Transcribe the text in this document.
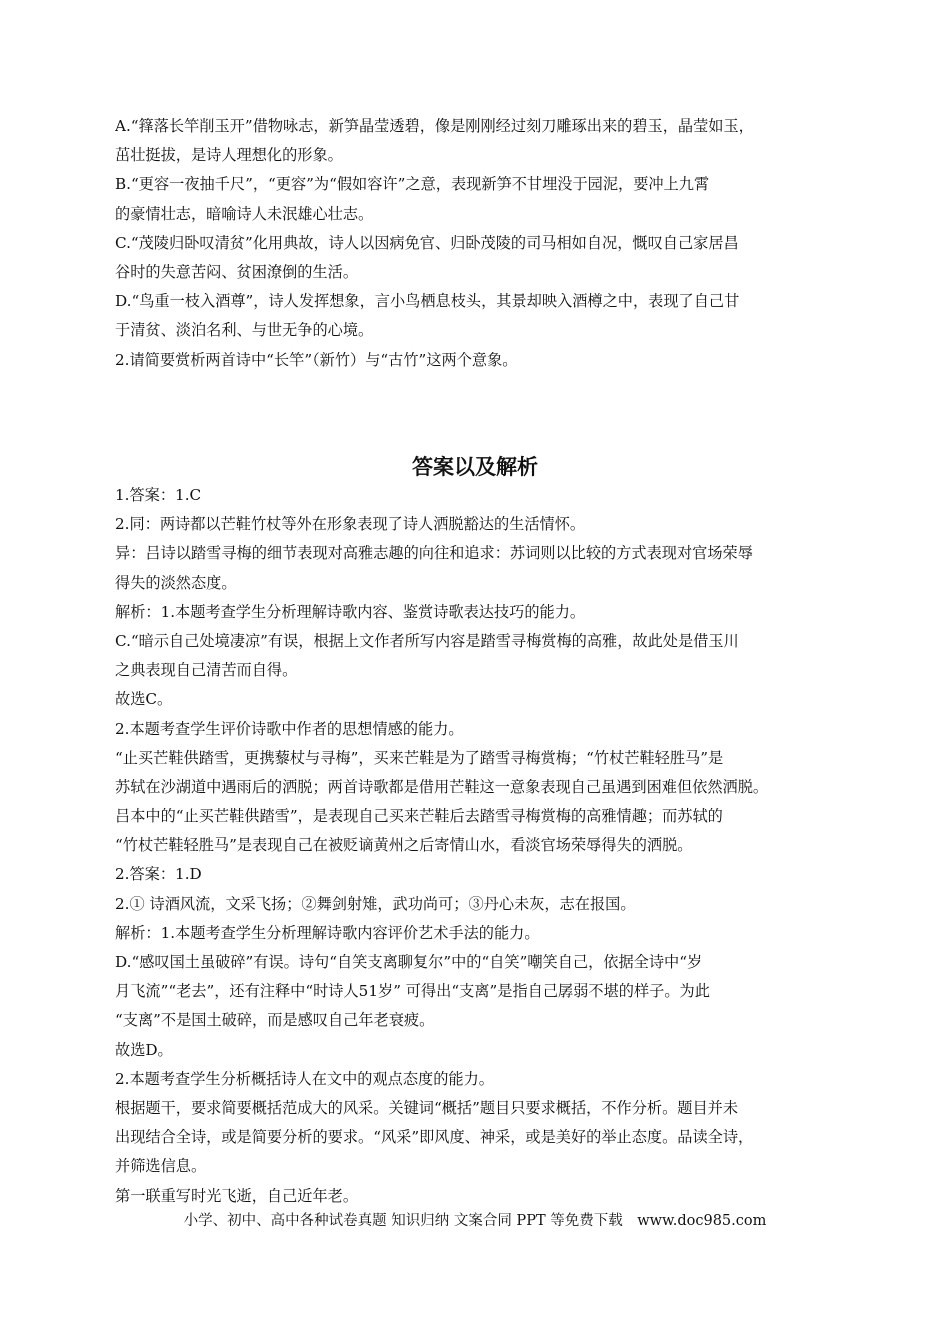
A.“箨落长竿削玉开”借物咏志，新笋晶莹透碧，像是刚刚经过刻刀雕琢出来的碧玉，晶莹如玉，

茁壮挺拔，是诗人理想化的形象。

B.“更容一夜抽千尺”，“更容”为“假如容许”之意，表现新笋不甘埋没于园泥，要冲上九霄

的豪情壮志，暗喻诗人未泯雄心壮志。

C.“茂陵归卧叹清贫”化用典故，诗人以因病免官、归卧茂陵的司马相如自况，慨叹自己家居昌

谷时的失意苦闷、贫困潦倒的生活。

D.“鸟重一枝入酒尊”，诗人发挥想象，言小鸟栖息枝头，其景却映入酒樽之中，表现了自己甘

于清贫、淡泊名利、与世无争的心境。

2.请简要赏析两首诗中“长竿”（新竹）与“古竹”这两个意象。

答案以及解析

1.答案：1.C

2.同：两诗都以芒鞋竹杖等外在形象表现了诗人洒脱豁达的生活情怀。

异：吕诗以踏雪寻梅的细节表现对高雅志趣的向往和追求：苏词则以比较的方式表现对官场荣辱

得失的淡然态度。

解析：1.本题考查学生分析理解诗歌内容、鉴赏诗歌表达技巧的能力。

C.“暗示自己处境凄凉”有误，根据上文作者所写内容是踏雪寻梅赏梅的高雅，故此处是借玉川

之典表现自己清苦而自得。

故选C。

2.本题考查学生评价诗歌中作者的思想情感的能力。

“止买芒鞋供踏雪，更携藜杖与寻梅”，买来芒鞋是为了踏雪寻梅赏梅；“竹杖芒鞋轻胜马”是

苏轼在沙湖道中遇雨后的洒脱；两首诗歌都是借用芒鞋这一意象表现自己虽遇到困难但依然洒脱。

吕本中的“止买芒鞋供踏雪”，是表现自己买来芒鞋后去踏雪寻梅赏梅的高雅情趣；而苏轼的

“竹杖芒鞋轻胜马”是表现自己在被贬谪黄州之后寄情山水，看淡官场荣辱得失的洒脱。

2.答案：1.D

2.① 诗酒风流，文采飞扬；②舞剑射雉，武功尚可；③丹心未灰，志在报国。

解析：1.本题考查学生分析理解诗歌内容评价艺术手法的能力。

D.“感叹国土虽破碎”有误。诗句“自笑支离聊复尔”中的“自笑”嘲笑自己，依据全诗中“岁

月飞流”“老去”，还有注释中“时诗人51岁” 可得出“支离”是指自己孱弱不堪的样子。为此

“支离”不是国土破碎，而是感叹自己年老衰疲。

故选D。

2.本题考查学生分析概括诗人在文中的观点态度的能力。

根据题干，要求简要概括范成大的风采。关键词“概括”题目只要求概括，不作分析。题目并未

出现结合全诗，或是简要分析的要求。“风采”即风度、神采，或是美好的举止态度。品读全诗，

并筛选信息。

第一联重写时光飞逝，自己近年老。

小学、初中、高中各种试卷真题 知识归纳 文案合同 PPT 等免费下载　www.doc985.com
